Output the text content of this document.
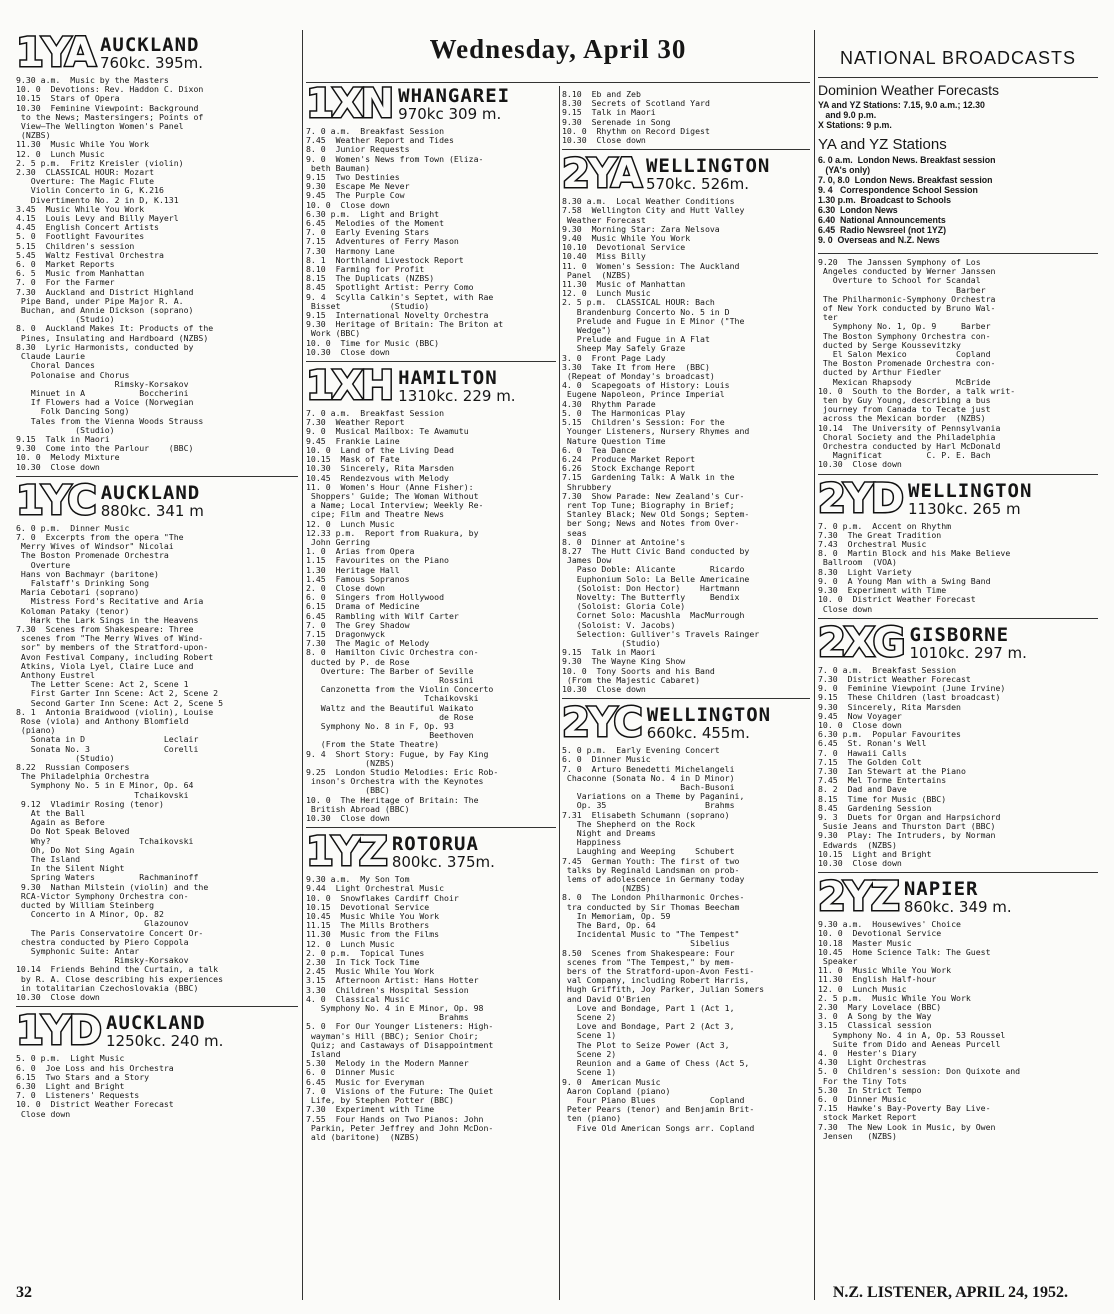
1YA AUCKLAND
760kc. 395m.
9.30 a.m.  Music by the Masters
10. 0  Devotions: Rev. Haddon C. Dixon
10.15  Stars of Opera
10.30  Feminine Viewpoint: Background
to the News; Mastersingers; Points of
View—The Wellington Women's Panel
(NZBS)
11.30  Music While You Work
12. 0  Lunch Music
2. 5 p.m.  Fritz Kreisler (violin)
2.30  CLASSICAL HOUR: Mozart
Overture: The Magic Flute
Violin Concerto in G, K.216
Divertimento No. 2 in D, K.131
3.45  Music While You Work
4.15  Louis Levy and Billy Mayerl
4.45  English Concert Artists
5. 0  Footlight Favourites
5.15  Children's session
5.45  Waltz Festival Orchestra
6. 0  Market Reports
6. 5  Music from Manhattan
7. 0  For the Farmer
7.30  Auckland and District Highland
Pipe Band, under Pipe Major R. A.
Buchan, and Annie Dickson (soprano)
(Studio)
8. 0  Auckland Makes It: Products of the
Pines, Insulating and Hardboard (NZBS)
8.30  Lyric Harmonists, conducted by
Claude Laurie
Choral Dances
Polonaise and Chorus
Rimsky-Korsakov
Minuet in A           Boccherini
If Flowers had a Voice (Norwegian
Folk Dancing Song)
Tales from the Vienna Woods Strauss
(Studio)
9.15  Talk in Maori
9.30  Come into the Parlour    (BBC)
10. 0  Melody Mixture
10.30  Close down
1YC AUCKLAND
880kc. 341 m
6. 0 p.m.  Dinner Music
7. 0  Excerpts from the opera "The
Merry Wives of Windsor" Nicolai
The Boston Promenade Orchestra
Overture
Hans von Bachmayr (baritone)
Falstaff's Drinking Song
Maria Cebotari (soprano)
Mistress Ford's Recitative and Aria
Koloman Pataky (tenor)
Hark the Lark Sings in the Heavens
7.30  Scenes from Shakespeare: Three
scenes from "The Merry Wives of Wind-
sor" by members of the Stratford-upon-
Avon Festival Company, including Robert
Atkins, Viola Lyel, Claire Luce and
Anthony Eustrel
The Letter Scene: Act 2, Scene 1
First Garter Inn Scene: Act 2, Scene 2
Second Garter Inn Scene: Act 2, Scene 5
8. 1  Antonia Braidwood (violin), Louise
Rose (viola) and Anthony Blomfield
(piano)
Sonata in D                Leclair
Sonata No. 3               Corelli
(Studio)
8.22  Russian Composers
The Philadelphia Orchestra
Symphony No. 5 in E Minor, Op. 64
Tchaikovski
9.12  Vladimir Rosing (tenor)
At the Ball
Again as Before
Do Not Speak Beloved
Why?                  Tchaikovski
Oh, Do Not Sing Again
The Island
In the Silent Night
Spring Waters         Rachmaninoff
9.30  Nathan Milstein (violin) and the
RCA-Victor Symphony Orchestra con-
ducted by William Steinberg
Concerto in A Minor, Op. 82
Glazounov
The Paris Conservatoire Concert Or-
chestra conducted by Piero Coppola
Symphonic Suite: Antar
Rimsky-Korsakov
10.14  Friends Behind the Curtain, a talk
by R. A. Close describing his experiences
in totalitarian Czechoslovakia (BBC)
10.30  Close down
1YD AUCKLAND
1250kc. 240 m.
5. 0 p.m.  Light Music
6. 0  Joe Loss and his Orchestra
6.15  Two Stars and a Story
6.30  Light and Bright
7. 0  Listeners' Requests
10. 0  District Weather Forecast
Close down
1XN WHANGAREI
970kc 309 m.
7. 0 a.m.  Breakfast Session
7.45  Weather Report and Tides
8. 0  Junior Requests
9. 0  Women's News from Town (Eliza-
beth Bauman)
9.15  Two Destinies
9.30  Escape Me Never
9.45  The Purple Cow
10. 0  Close down
6.30 p.m.  Light and Bright
6.45  Melodies of the Moment
7. 0  Early Evening Stars
7.15  Adventures of Ferry Mason
7.30  Harmony Lane
8. 1  Northland Livestock Report
8.10  Farming for Profit
8.15  The Duplicats (NZBS)
8.45  Spotlight Artist: Perry Como
9. 4  Scylla Calkin's Septet, with Rae
Bisset          (Studio)
9.15  International Novelty Orchestra
9.30  Heritage of Britain: The Briton at
Work (BBC)
10. 0  Time for Music (BBC)
10.30  Close down
1XH HAMILTON
1310kc. 229 m.
7. 0 a.m.  Breakfast Session
7.30  Weather Report
9. 0  Musical Mailbox: Te Awamutu
9.45  Frankie Laine
10. 0  Land of the Living Dead
10.15  Mask of Fate
10.30  Sincerely, Rita Marsden
10.45  Rendezvous with Melody
11. 0  Women's Hour (Anne Fisher):
Shoppers' Guide; The Woman Without
a Name; Local Interview; Weekly Re-
cipe; Film and Theatre News
12. 0  Lunch Music
12.33 p.m.  Report from Ruakura, by
John Gerring
1. 0  Arias from Opera
1.15  Favourites on the Piano
1.30  Heritage Hall
1.45  Famous Sopranos
2. 0  Close down
6. 0  Singers from Hollywood
6.15  Drama of Medicine
6.45  Rambling with Wilf Carter
7. 0  The Grey Shadow
7.15  Dragonwyck
7.30  The Magic of Melody
8. 0  Hamilton Civic Orchestra con-
ducted by P. de Rose
Overture: The Barber of Seville
Rossini
Canzonetta from the Violin Concerto
Tchaikovski
Waltz and the Beautiful Waikato
de Rose
Symphony No. 8 in F, Op. 93
Beethoven
(From the State Theatre)
9. 4  Short Story: Fugue, by Fay King
(NZBS)
9.25  London Studio Melodies: Eric Rob-
inson's Orchestra with the Keynotes
(BBC)
10. 0  The Heritage of Britain: The
British Abroad (BBC)
10.30  Close down
1YZ ROTORUA
800kc. 375m.
9.30 a.m.  My Son Tom
9.44  Light Orchestral Music
10. 0  Snowflakes Cardiff Choir
10.15  Devotional Service
10.45  Music While You Work
11.15  The Mills Brothers
11.30  Music from the Films
12. 0  Lunch Music
2. 0 p.m.  Topical Tunes
2.30  In Tick Tock Time
2.45  Music While You Work
3.15  Afternoon Artist: Hans Hotter
3.30  Children's Hospital Session
4. 0  Classical Music
Symphony No. 4 in E Minor, Op. 98
Brahms
5. 0  For Our Younger Listeners: High-
wayman's Hill (BBC); Senior Choir;
Quiz; and Castaways of Disappointment
Island
5.30  Melody in the Modern Manner
6. 0  Dinner Music
6.45  Music for Everyman
7. 0  Visions of the Future: The Quiet
Life, by Stephen Potter (BBC)
7.30  Experiment with Time
7.55  Four Hands on Two Pianos: John
Parkin, Peter Jeffrey and John McDon-
ald (baritone)  (NZBS)
Wednesday, April 30
8.10  Eb and Zeb
8.30  Secrets of Scotland Yard
9.15  Talk in Maori
9.30  Serenade in Song
10. 0  Rhythm on Record Digest
10.30  Close down
2YA WELLINGTON
570kc. 526m.
8.30 a.m.  Local Weather Conditions
7.58  Wellington City and Hutt Valley
Weather Forecast
9.30  Morning Star: Zara Nelsova
9.40  Music While You Work
10.10  Devotional Service
10.40  Miss Billy
11. 0  Women's Session: The Auckland
Panel  (NZBS)
11.30  Music of Manhattan
12. 0  Lunch Music
2. 5 p.m.  CLASSICAL HOUR: Bach
Brandenburg Concerto No. 5 in D
Prelude and Fugue in E Minor ("The
Wedge")
Prelude and Fugue in A Flat
Sheep May Safely Graze
3. 0  Front Page Lady
3.30  Take It from Here  (BBC)
(Repeat of Monday's broadcast)
4. 0  Scapegoats of History: Louis
Eugene Napoleon, Prince Imperial
4.30  Rhythm Parade
5. 0  The Harmonicas Play
5.15  Children's Session: For the
Younger Listeners, Nursery Rhymes and
Nature Question Time
6. 0  Tea Dance
6.24  Produce Market Report
6.26  Stock Exchange Report
7.15  Gardening Talk: A Walk in the
Shrubbery
7.30  Show Parade: New Zealand's Cur-
rent Top Tune; Biography in Brief;
Stanley Black; New Old Songs; Septem-
ber Song; News and Notes from Over-
seas
8. 0  Dinner at Antoine's
8.27  The Hutt Civic Band conducted by
James Dow
Paso Doble: Alicante       Ricardo
Euphonium Solo: La Belle Americaine
(Soloist: Don Hector)    Hartmann
Novelty: The Butterfly     Bendix
(Soloist: Gloria Cole)
Cornet Solo: Macushla  MacMurrough
(Soloist: V. Jacobs)
Selection: Gulliver's Travels Rainger
(Studio)
9.15  Talk in Maori
9.30  The Wayne King Show
10. 0  Tony Soorts and his Band
(From the Majestic Cabaret)
10.30  Close down
2YC WELLINGTON
660kc. 455m.
5. 0 p.m.  Early Evening Concert
6. 0  Dinner Music
7. 0  Arturo Benedetti Michelangeli
Chaconne (Sonata No. 4 in D Minor)
Bach-Busoni
Variations on a Theme by Paganini,
Op. 35                    Brahms
7.31  Elisabeth Schumann (soprano)
The Shepherd on the Rock
Night and Dreams
Happiness
Laughing and Weeping    Schubert
7.45  German Youth: The first of two
talks by Reginald Landsman on prob-
lems of adolescence in Germany today
(NZBS)
8. 0  The London Philharmonic Orches-
tra conducted by Sir Thomas Beecham
In Memoriam, Op. 59
The Bard, Op. 64
Incidental Music to "The Tempest"
Sibelius
8.50  Scenes from Shakespeare: Four
scenes from "The Tempest," by mem-
bers of the Stratford-upon-Avon Festi-
val Company, including Robert Harris,
Hugh Griffith, Joy Parker, Julian Somers
and David O'Brien
Love and Bondage, Part 1 (Act 1,
Scene 2)
Love and Bondage, Part 2 (Act 3,
Scene 1)
The Plot to Seize Power (Act 3,
Scene 2)
Reunion and a Game of Chess (Act 5,
Scene 1)
9. 0  American Music
Aaron Copland (piano)
Four Piano Blues           Copland
Peter Pears (tenor) and Benjamin Brit-
ten (piano)
Five Old American Songs arr. Copland
NATIONAL BROADCASTS
Dominion Weather Forecasts
YA and YZ Stations: 7.15, 9.0 a.m.; 12.30
and 9.0 p.m.
X Stations: 9 p.m.
YA and YZ Stations
6. 0 a.m.  London News. Breakfast session
(YA's only)
7. 0, 8.0  London News. Breakfast session
9. 4   Correspondence School Session
1.30 p.m.  Broadcast to Schools
6.30  London News
6.40  National Announcements
6.45  Radio Newsreel (not 1YZ)
9. 0  Overseas and N.Z. News
9.20  The Janssen Symphony of Los
Angeles conducted by Werner Janssen
Overture to School for Scandal
Barber
The Philharmonic-Symphony Orchestra
of New York conducted by Bruno Wal-
ter
Symphony No. 1, Op. 9     Barber
The Boston Symphony Orchestra con-
ducted by Serge Koussevitzky
El Salon Mexico          Copland
The Boston Promenade Orchestra con-
ducted by Arthur Fiedler
Mexican Rhapsody         McBride
10. 0  South to the Border, a talk writ-
ten by Guy Young, describing a bus
journey from Canada to Tecate just
across the Mexican border  (NZBS)
10.14  The University of Pennsylvania
Choral Society and the Philadelphia
Orchestra conducted by Harl McDonald
Magnificat         C. P. E. Bach
10.30  Close down
2YD WELLINGTON
1130kc. 265 m
7. 0 p.m.  Accent on Rhythm
7.30  The Great Tradition
7.43  Orchestral Music
8. 0  Martin Block and his Make Believe
Ballroom  (VOA)
8.30  Light Variety
9. 0  A Young Man with a Swing Band
9.30  Experiment with Time
10. 0  District Weather Forecast
Close down
2XG GISBORNE
1010kc. 297 m.
7. 0 a.m.  Breakfast Session
7.30  District Weather Forecast
9. 0  Feminine Viewpoint (June Irvine)
9.15  These Children (last broadcast)
9.30  Sincerely, Rita Marsden
9.45  Now Voyager
10. 0  Close down
6.30 p.m.  Popular Favourites
6.45  St. Ronan's Well
7. 0  Hawaii Calls
7.15  The Golden Colt
7.30  Ian Stewart at the Piano
7.45  Mel Torme Entertains
8. 2  Dad and Dave
8.15  Time for Music (BBC)
8.45  Gardening Session
9. 3  Duets for Organ and Harpsichord
Susie Jeans and Thurston Dart (BBC)
9.30  Play: The Intruders, by Norman
Edwards  (NZBS)
10.15  Light and Bright
10.30  Close down
2YZ NAPIER
860kc. 349 m.
9.30 a.m.  Housewives' Choice
10. 0  Devotional Service
10.18  Master Music
10.45  Home Science Talk: The Guest
Speaker
11. 0  Music While You Work
11.30  English Half-hour
12. 0  Lunch Music
2. 5 p.m.  Music While You Work
2.30  Mary Lovelace (BBC)
3. 0  A Song by the Way
3.15  Classical session
Symphony No. 4 in A, Op. 53 Roussel
Suite from Dido and Aeneas Purcell
4. 0  Hester's Diary
4.30  Light Orchestras
5. 0  Children's session: Don Quixote and
For the Tiny Tots
5.30  In Strict Tempo
6. 0  Dinner Music
7.15  Hawke's Bay-Poverty Bay Live-
stock Market Report
7.30  The New Look in Music, by Owen
Jensen   (NZBS)
32	N.Z. LISTENER, APRIL 24, 1952.
